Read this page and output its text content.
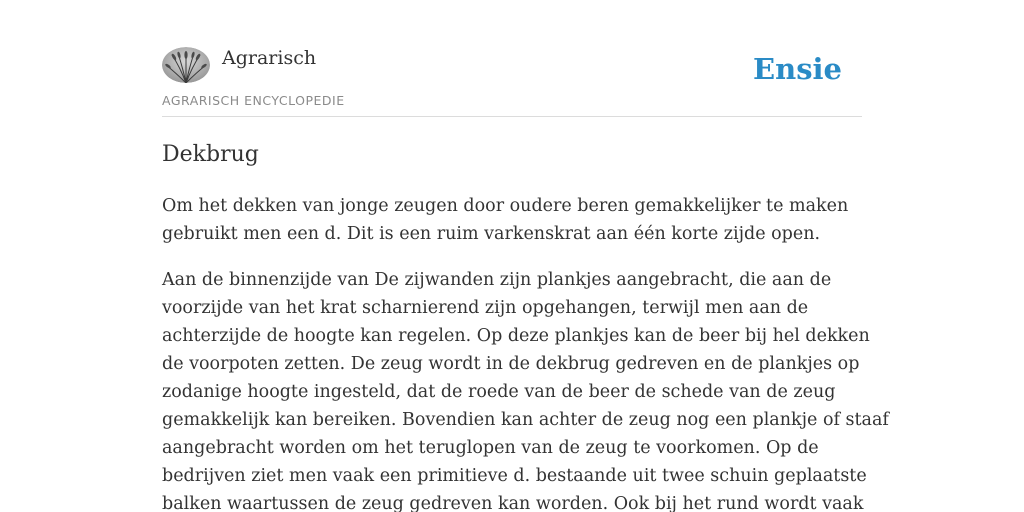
Agrarisch
AGRARISCH ENCYCLOPEDIE
Ensie
Dekbrug

Om het dekken van jonge zeugen door oudere beren gemakkelijker te maken
gebruikt men een d. Dit is een ruim varkenskrat aan één korte zijde open.

Aan de binnenzijde van De zijwanden zijn plankjes aangebracht, die aan de
voorzijde van het krat scharnierend zijn opgehangen, terwijl men aan de
achterzijde de hoogte kan regelen. Op deze plankjes kan de beer bij hel dekken
de voorpoten zetten. De zeug wordt in de dekbrug gedreven en de plankjes op
zodanige hoogte ingesteld, dat de roede van de beer de schede van de zeug
gemakkelijk kan bereiken. Bovendien kan achter de zeug nog een plankje of staaf
aangebracht worden om het teruglopen van de zeug te voorkomen. Op de
bedrijven ziet men vaak een primitieve d. bestaande uit twee schuin geplaatste
balken waartussen de zeug gedreven kan worden. Ook bij het rund wordt vaak
